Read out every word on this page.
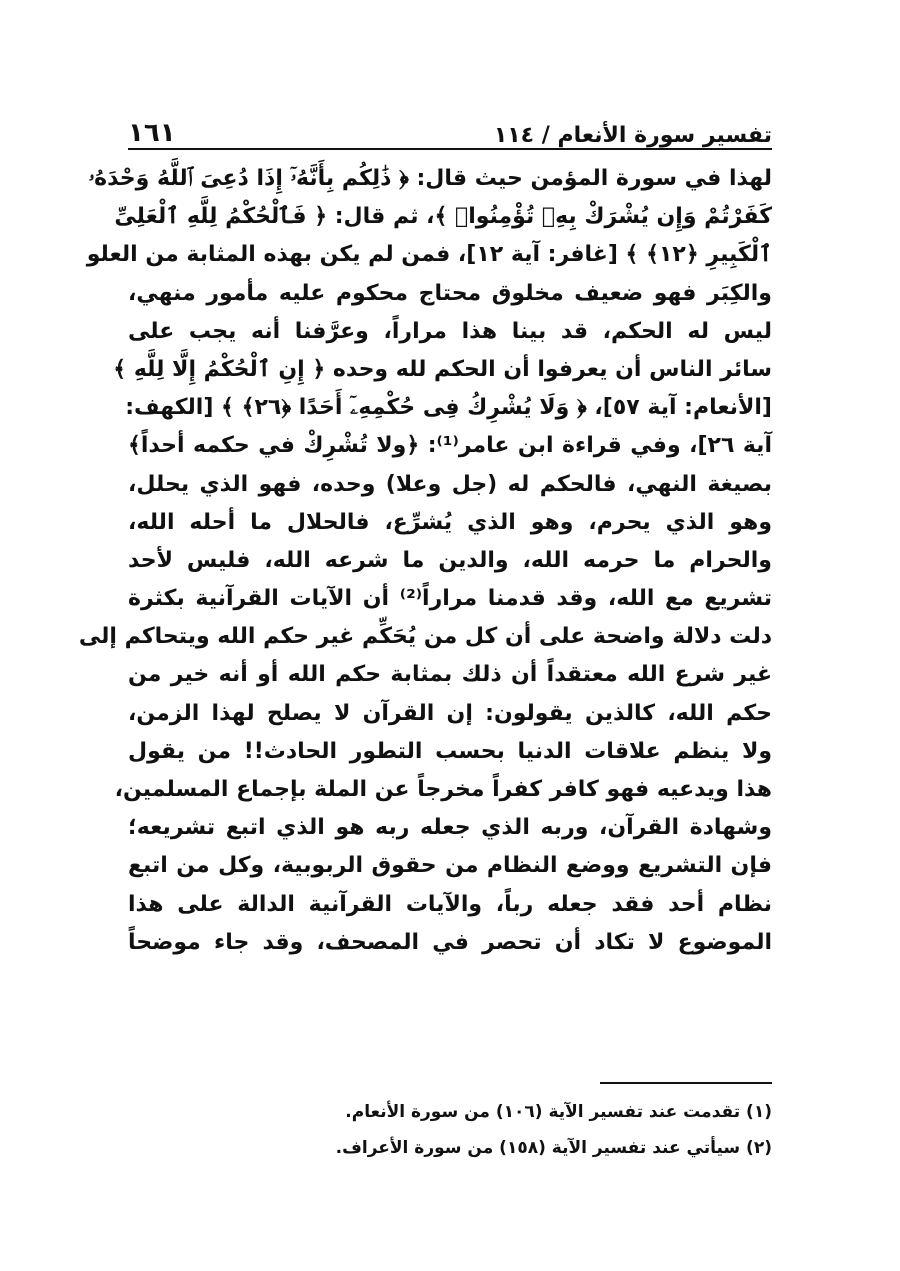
تفسير سورة الأنعام / ١١٤
١٦١
لهذا في سورة المؤمن حيث قال: ﴿ ذَٰلِكُم بِأَنَّهُۥٓ إِذَا دُعِىَ ٱللَّهُ وَحْدَهُۥ
كَفَرْتُمْ وَإِن يُشْرَكْ بِهِۦ تُؤْمِنُوا۟ ﴾، ثم قال: ﴿ فَٱلْحُكْمُ لِلَّهِ ٱلْعَلِىِّ
ٱلْكَبِيرِ ﴿١٢﴾ ﴾ [غافر: آية ١٢]، فمن لم يكن بهذه المثابة من العلو
والكِبَر فهو ضعيف مخلوق محتاج محكوم عليه مأمور منهي،
ليس له الحكم، قد بينا هذا مراراً، وعرَّفنا أنه يجب على
سائر الناس أن يعرفوا أن الحكم لله وحده ﴿ إِنِ ٱلْحُكْمُ إِلَّا لِلَّهِ ﴾
[الأنعام: آية ٥٧]، ﴿ وَلَا يُشْرِكُ فِى حُكْمِهِۦٓ أَحَدًا ﴿٢٦﴾ ﴾ [الكهف:
آية ٢٦]، وفي قراءة ابن عامر⁽¹⁾: ﴿ولا تُشْرِكْ في حكمه أحداً﴾
بصيغة النهي، فالحكم له (جل وعلا) وحده، فهو الذي يحلل،
وهو الذي يحرم، وهو الذي يُشرِّع، فالحلال ما أحله الله،
والحرام ما حرمه الله، والدين ما شرعه الله، فليس لأحد
تشريع مع الله، وقد قدمنا مراراً⁽²⁾ أن الآيات القرآنية بكثرة
دلت دلالة واضحة على أن كل من يُحَكِّم غير حكم الله ويتحاكم إلى
غير شرع الله معتقداً أن ذلك بمثابة حكم الله أو أنه خير من
حكم الله، كالذين يقولون: إن القرآن لا يصلح لهذا الزمن،
ولا ينظم علاقات الدنيا بحسب التطور الحادث!! من يقول
هذا ويدعيه فهو كافر كفراً مخرجاً عن الملة بإجماع المسلمين،
وشهادة القرآن، وربه الذي جعله ربه هو الذي اتبع تشريعه؛
فإن التشريع ووضع النظام من حقوق الربوبية، وكل من اتبع
نظام أحد فقد جعله رباً، والآيات القرآنية الدالة على هذا
الموضوع لا تكاد أن تحصر في المصحف، وقد جاء موضحاً
(١) تقدمت عند تفسير الآية (١٠٦) من سورة الأنعام.
(٢) سيأتي عند تفسير الآية (١٥٨) من سورة الأعراف.
